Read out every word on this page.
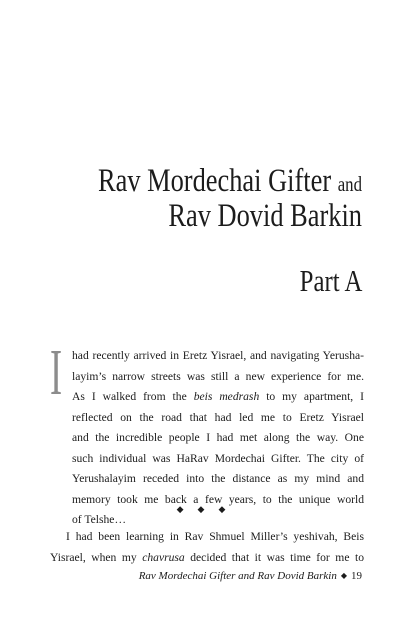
Rav Mordechai Gifter and
Rav Dovid Barkin
Part A
I had recently arrived in Eretz Yisrael, and navigating Yerusha-
layim’s narrow streets was still a new experience for me.
As I walked from the beis medrash to my apartment, I
reflected on the road that had led me to Eretz Yisrael
and the incredible people I had met along the way. One
such individual was HaRav Mordechai Gifter. The city of
Yerushalayim receded into the distance as my mind and
memory took me back a few years, to the unique world
of Telshe…
◆◆◆
I had been learning in Rav Shmuel Miller’s yeshivah, Beis
Yisrael, when my chavrusa decided that it was time for me to
Rav Mordechai Gifter and Rav Dovid Barkin ◆ 19
